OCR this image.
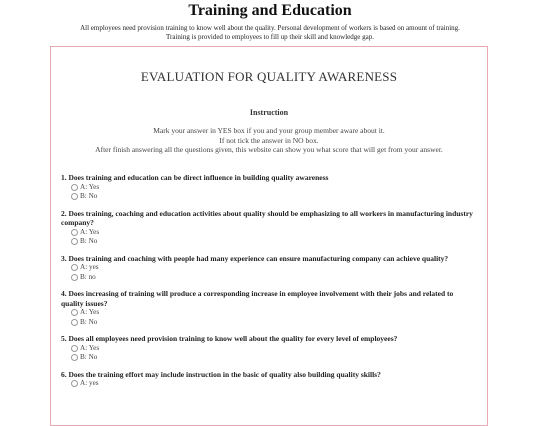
Training and Education
All employees need provision training to know well about the quality. Personal development of workers is based on amount of training.
Training is provided to employees to fill up their skill and knowledge gap.
EVALUATION FOR QUALITY AWARENESS
Instruction
Mark your answer in YES box if you and your group member aware about it.
If not tick the answer in NO box.
After finish answering all the questions given, this website can show you what score that will get from your answer.
1. Does training and education can be direct influence in building quality awareness
A: Yes
B: No
2. Does training, coaching and education activities about quality should be emphasizing to all workers in manufacturing industry company?
A: Yes
B: No
3. Does training and coaching with people had many experience can ensure manufacturing company can achieve quality?
A: yes
B: no
4. Does increasing of training will produce a corresponding increase in employee involvement with their jobs and related to quality issues?
A: Yes
B: No
5. Does all employees need provision training to know well about the quality for every level of employees?
A: Yes
B: No
6. Does the training effort may include instruction in the basic of quality also building quality skills?
A: yes
